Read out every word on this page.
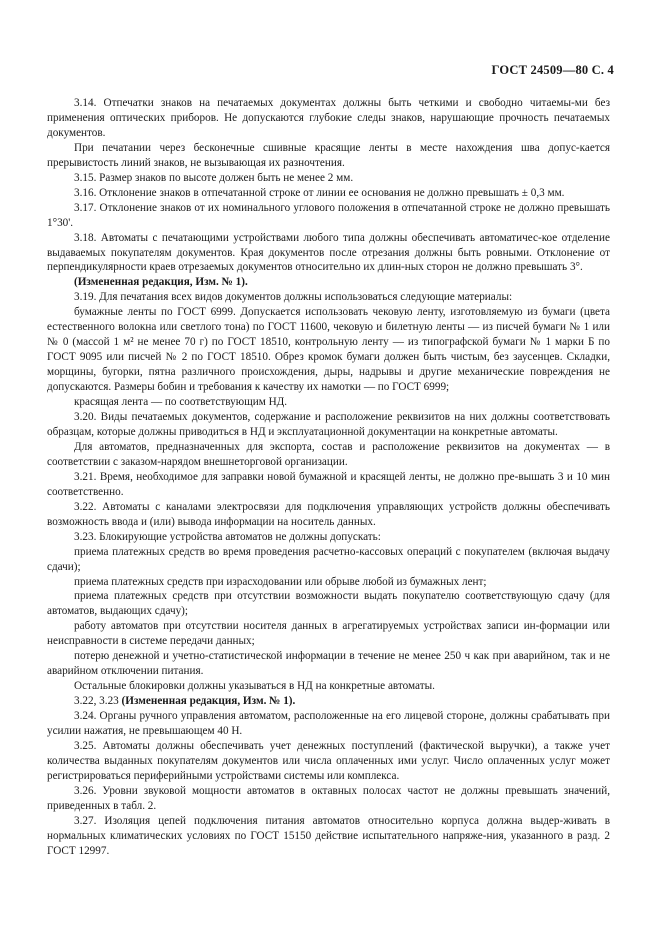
ГОСТ 24509—80 С. 4

3.14. Отпечатки знаков на печатаемых документах должны быть четкими и свободно читаемы-ми без применения оптических приборов. Не допускаются глубокие следы знаков, нарушающие прочность печатаемых документов.

При печатании через бесконечные сшивные красящие ленты в месте нахождения шва допус-кается прерывистость линий знаков, не вызывающая их разночтения.

3.15. Размер знаков по высоте должен быть не менее 2 мм.

3.16. Отклонение знаков в отпечатанной строке от линии ее основания не должно превышать ± 0,3 мм.

3.17. Отклонение знаков от их номинального углового положения в отпечатанной строке не должно превышать 1°30'.

3.18. Автоматы с печатающими устройствами любого типа должны обеспечивать автоматичес-кое отделение выдаваемых покупателям документов. Края документов после отрезания должны быть ровными. Отклонение от перпендикулярности краев отрезаемых документов относительно их длин-ных сторон не должно превышать 3°.

(Измененная редакция, Изм. № 1).

3.19. Для печатания всех видов документов должны использоваться следующие материалы:

бумажные ленты по ГОСТ 6999. Допускается использовать чековую ленту, изготовляемую из бумаги (цвета естественного волокна или светлого тона) по ГОСТ 11600, чековую и билетную ленты — из писчей бумаги № 1 или № 0 (массой 1 м² не менее 70 г) по ГОСТ 18510, контрольную ленту — из типографской бумаги № 1 марки Б по ГОСТ 9095 или писчей № 2 по ГОСТ 18510. Обрез кромок бумаги должен быть чистым, без заусенцев. Складки, морщины, бугорки, пятна различного происхождения, дыры, надрывы и другие механические повреждения не допускаются. Размеры бобин и требования к качеству их намотки — по ГОСТ 6999;

красящая лента — по соответствующим НД.

3.20. Виды печатаемых документов, содержание и расположение реквизитов на них должны соответствовать образцам, которые должны приводиться в НД и эксплуатационной документации на конкретные автоматы.

Для автоматов, предназначенных для экспорта, состав и расположение реквизитов на документах — в соответствии с заказом-нарядом внешнеторговой организации.

3.21. Время, необходимое для заправки новой бумажной и красящей ленты, не должно пре-вышать 3 и 10 мин соответственно.

3.22. Автоматы с каналами электросвязи для подключения управляющих устройств должны обеспечивать возможность ввода и (или) вывода информации на носитель данных.

3.23. Блокирующие устройства автоматов не должны допускать:

приема платежных средств во время проведения расчетно-кассовых операций с покупателем (включая выдачу сдачи);

приема платежных средств при израсходовании или обрыве любой из бумажных лент;

приема платежных средств при отсутствии возможности выдать покупателю соответствующую сдачу (для автоматов, выдающих сдачу);

работу автоматов при отсутствии носителя данных в агрегатируемых устройствах записи ин-формации или неисправности в системе передачи данных;

потерю денежной и учетно-статистической информации в течение не менее 250 ч как при аварийном, так и не аварийном отключении питания.

Остальные блокировки должны указываться в НД на конкретные автоматы.

3.22, 3.23 (Измененная редакция, Изм. № 1).

3.24. Органы ручного управления автоматом, расположенные на его лицевой стороне, должны срабатывать при усилии нажатия, не превышающем 40 Н.

3.25. Автоматы должны обеспечивать учет денежных поступлений (фактической выручки), а также учет количества выданных покупателям документов или числа оплаченных ими услуг. Число оплаченных услуг может регистрироваться периферийными устройствами системы или комплекса.

3.26. Уровни звуковой мощности автоматов в октавных полосах частот не должны превышать значений, приведенных в табл. 2.

3.27. Изоляция цепей подключения питания автоматов относительно корпуса должна выдер-живать в нормальных климатических условиях по ГОСТ 15150 действие испытательного напряже-ния, указанного в разд. 2 ГОСТ 12997.
